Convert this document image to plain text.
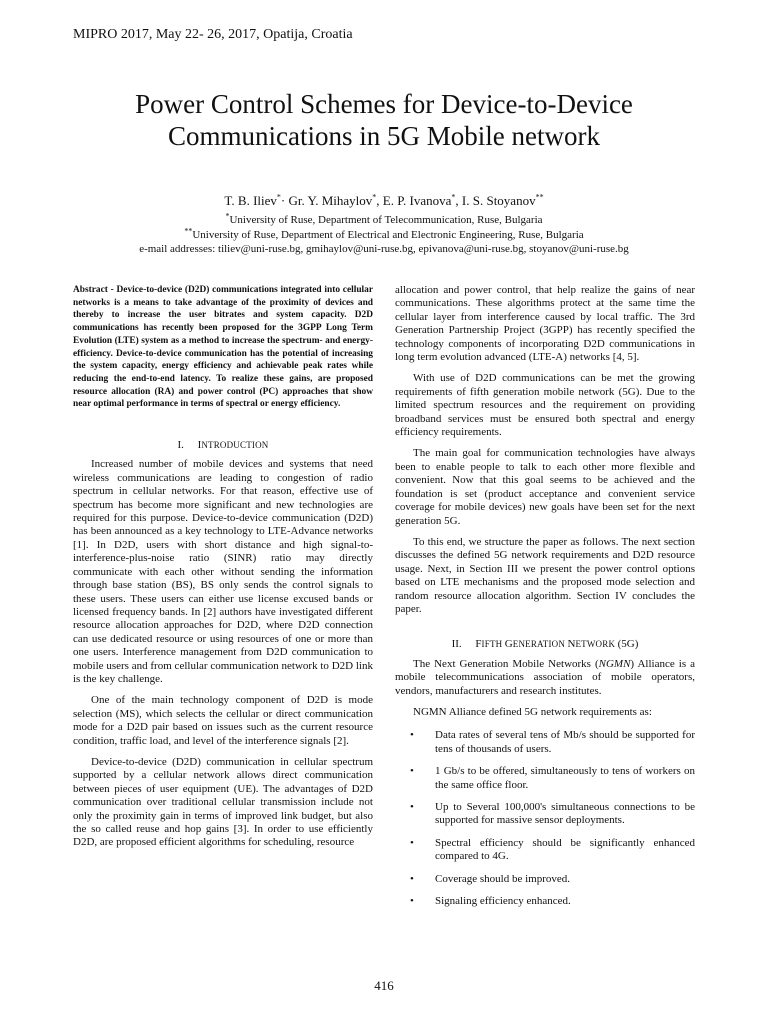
MIPRO 2017, May 22- 26, 2017, Opatija, Croatia
Power Control Schemes for Device-to-Device
Communications in 5G Mobile network
T. B. Iliev*· Gr. Y. Mihaylov*, E. P. Ivanova*, I. S. Stoyanov**
*University of Ruse, Department of Telecommunication, Ruse, Bulgaria
**University of Ruse, Department of Electrical and Electronic Engineering, Ruse, Bulgaria
e-mail addresses: tiliev@uni-ruse.bg, gmihaylov@uni-ruse.bg, epivanova@uni-ruse.bg, stoyanov@uni-ruse.bg

Abstract - Device-to-device (D2D) communications integrated into cellular networks is a means to take advantage of the proximity of devices and thereby to increase the user bitrates and system capacity. D2D communications has recently been proposed for the 3GPP Long Term Evolution (LTE) system as a method to increase the spectrum- and energy-efficiency. Device-to-device communication has the potential of increasing the system capacity, energy efficiency and achievable peak rates while reducing the end-to-end latency. To realize these gains, are proposed resource allocation (RA) and power control (PC) approaches that show near optimal performance in terms of spectral or energy efficiency.

I. INTRODUCTION

Increased number of mobile devices and systems that need wireless communications are leading to congestion of radio spectrum in cellular networks. For that reason, effective use of spectrum has become more significant and new technologies are required for this purpose. Device-to-device communication (D2D) has been announced as a key technology to LTE-Advance networks [1]. In D2D, users with short distance and high signal-to-interference-plus-noise ratio (SINR) ratio may directly communicate with each other without sending the information through base station (BS), BS only sends the control signals to these users. These users can either use license excused bands or licensed frequency bands. In [2] authors have investigated different resource allocation approaches for D2D, where D2D connection can use dedicated resource or using resources of one or more than one users. Interference management from D2D communication to mobile users and from cellular communication network to D2D link is the key challenge.

One of the main technology component of D2D is mode selection (MS), which selects the cellular or direct communication mode for a D2D pair based on issues such as the current resource condition, traffic load, and level of the interference signals [2].

Device-to-device (D2D) communication in cellular spectrum supported by a cellular network allows direct communication between pieces of user equipment (UE). The advantages of D2D communication over traditional cellular transmission include not only the proximity gain in terms of improved link budget, but also the so called reuse and hop gains [3]. In order to use efficiently D2D, are proposed efficient algorithms for scheduling, resource

allocation and power control, that help realize the gains of near communications. These algorithms protect at the same time the cellular layer from interference caused by local traffic. The 3rd Generation Partnership Project (3GPP) has recently specified the technology components of incorporating D2D communications in long term evolution advanced (LTE-A) networks [4, 5].

With use of D2D communications can be met the growing requirements of fifth generation mobile network (5G). Due to the limited spectrum resources and the requirement on providing broadband services must be ensured both spectral and energy efficiency requirements.

The main goal for communication technologies have always been to enable people to talk to each other more flexible and convenient. Now that this goal seems to be achieved and the foundation is set (product acceptance and convenient service coverage for mobile devices) new goals have been set for the next generation 5G.

To this end, we structure the paper as follows. The next section discusses the defined 5G network requirements and D2D resource usage. Next, in Section III we present the power control options based on LTE mechanisms and the proposed mode selection and random resource allocation algorithm. Section IV concludes the paper.

II. FIFTH GENERATION NETWORK (5G)

The Next Generation Mobile Networks (NGMN) Alliance is a mobile telecommunications association of mobile operators, vendors, manufacturers and research institutes.

NGMN Alliance defined 5G network requirements as:

• Data rates of several tens of Mb/s should be supported for tens of thousands of users.
• 1 Gb/s to be offered, simultaneously to tens of workers on the same office floor.
• Up to Several 100,000's simultaneous connections to be supported for massive sensor deployments.
• Spectral efficiency should be significantly enhanced compared to 4G.
• Coverage should be improved.
• Signaling efficiency enhanced.
416
